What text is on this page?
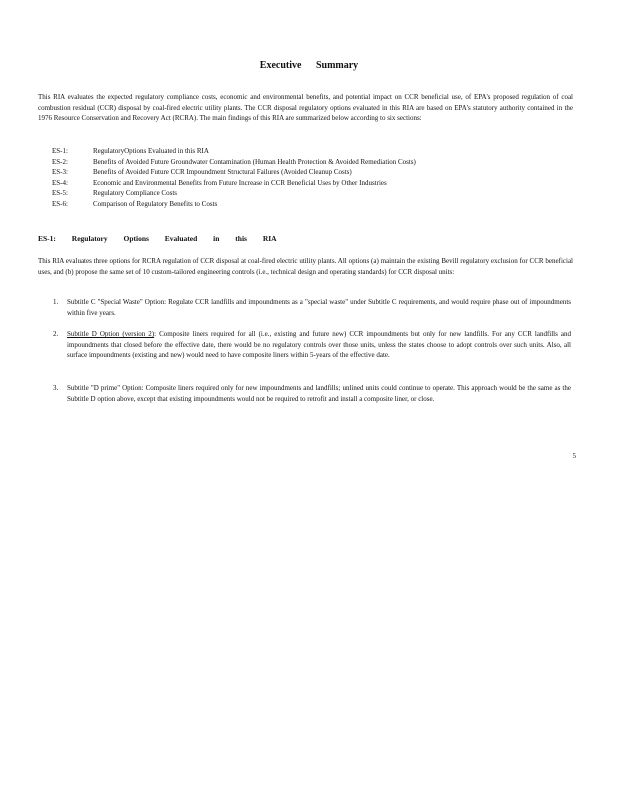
Executive Summary

This RIA evaluates the expected regulatory compliance costs, economic and environmental benefits, and potential impact on CCR beneficial use, of EPA's proposed regulation of coal combustion residual (CCR) disposal by coal-fired electric utility plants. The CCR disposal regulatory options evaluated in this RIA are based on EPA's statutory authority contained in the 1976 Resource Conservation and Recovery Act (RCRA). The main findings of this RIA are summarized below according to six sections:

ES-1:	RegulatoryOptions Evaluated in this RIA
ES-2:	Benefits of Avoided Future Groundwater Contamination (Human Health Protection & Avoided Remediation Costs)
ES-3:	Benefits of Avoided Future CCR Impoundment Structural Failures (Avoided Cleanup Costs)
ES-4:	Economic and Environmental Benefits from Future Increase in CCR Beneficial Uses by Other Industries
ES-5:	Regulatory Compliance Costs
ES-6:	Comparison of Regulatory Benefits to Costs
ES-1: Regulatory Options Evaluated in this RIA

This RIA evaluates three options for RCRA regulation of CCR disposal at coal-fired electric utility plants. All options (a) maintain the existing Bevill regulatory exclusion for CCR beneficial uses, and (b) propose the same set of 10 custom-tailored engineering controls (i.e., technical design and operating standards) for CCR disposal units:

1.	Subtitle C "Special Waste" Option: Regulate CCR landfills and impoundments as a "special waste" under Subtitle C requirements, and would require phase out of impoundments within five years.
2.	Subtitle D Option (version 2): Composite liners required for all (i.e., existing and future new) CCR impoundments but only for new landfills. For any CCR landfills and impoundments that closed before the effective date, there would be no regulatory controls over those units, unless the states choose to adopt controls over such units. Also, all surface impoundments (existing and new) would need to have composite liners within 5-years of the effective date.
3.	Subtitle "D prime" Option: Composite liners required only for new impoundments and landfills; unlined units could continue to operate. This approach would be the same as the Subtitle D option above, except that existing impoundments would not be required to retrofit and install a composite liner, or close.
5
